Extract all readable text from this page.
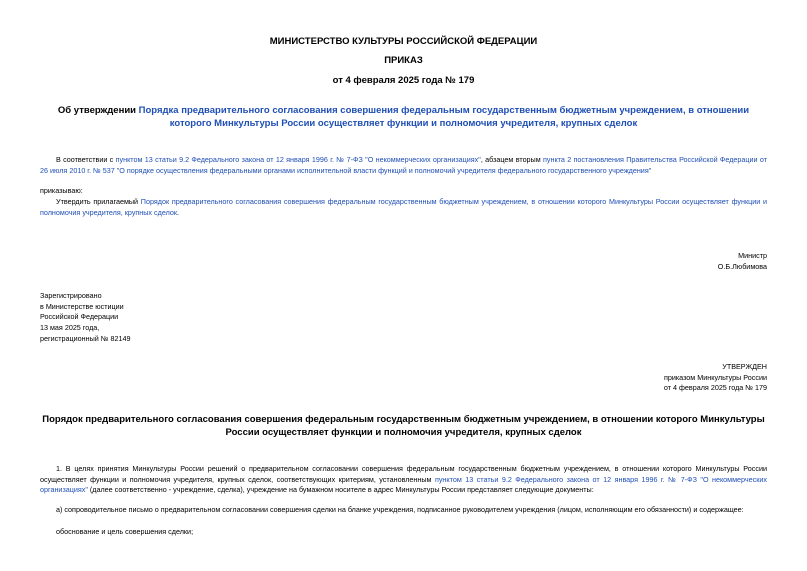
МИНИСТЕРСТВО КУЛЬТУРЫ РОССИЙСКОЙ ФЕДЕРАЦИИ
ПРИКАЗ
от 4 февраля 2025 года № 179
Об утверждении Порядка предварительного согласования совершения федеральным государственным бюджетным учреждением, в отношении которого Минкультуры России осуществляет функции и полномочия учредителя, крупных сделок
В соответствии с пунктом 13 статьи 9.2 Федерального закона от 12 января 1996 г. № 7-ФЗ "О некоммерческих организациях", абзацем вторым пункта 2 постановления Правительства Российской Федерации от 26 июля 2010 г. № 537 "О порядке осуществления федеральными органами исполнительной власти функций и полномочий учредителя федерального государственного учреждения"
приказываю:
Утвердить прилагаемый Порядок предварительного согласования совершения федеральным государственным бюджетным учреждением, в отношении которого Минкультуры России осуществляет функции и полномочия учредителя, крупных сделок.
Министр
О.Б.Любимова
Зарегистрировано
в Министерстве юстиции
Российской Федерации
13 мая 2025 года,
регистрационный № 82149
УТВЕРЖДЕН
приказом Минкультуры России
от 4 февраля 2025 года № 179
Порядок предварительного согласования совершения федеральным государственным бюджетным учреждением, в отношении которого Минкультуры России осуществляет функции и полномочия учредителя, крупных сделок
1. В целях принятия Минкультуры России решений о предварительном согласовании совершения федеральным государственным бюджетным учреждением, в отношении которого Минкультуры России осуществляет функции и полномочия учредителя, крупных сделок, соответствующих критериям, установленным пунктом 13 статьи 9.2 Федерального закона от 12 января 1996 г. № 7-ФЗ "О некоммерческих организациях" (далее соответственно - учреждение, сделка), учреждение на бумажном носителе в адрес Минкультуры России представляет следующие документы:
а) сопроводительное письмо о предварительном согласовании совершения сделки на бланке учреждения, подписанное руководителем учреждения (лицом, исполняющим его обязанности) и содержащее:
обоснование и цель совершения сделки;
